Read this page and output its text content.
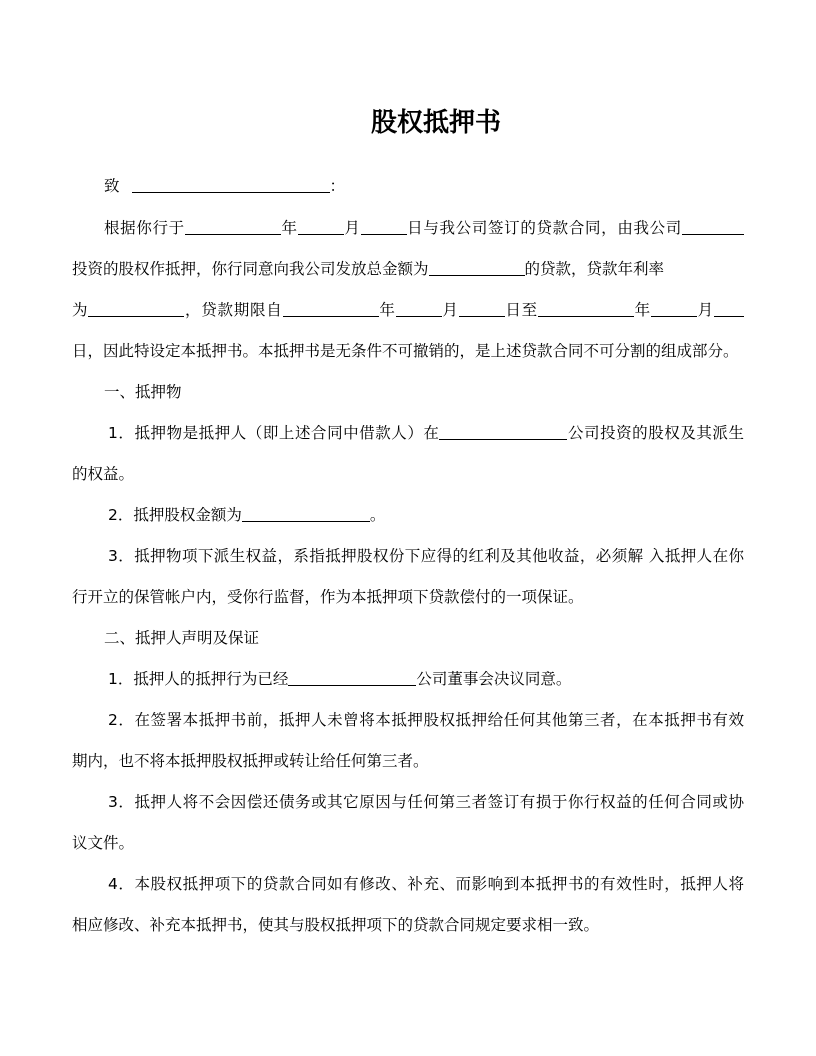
股权抵押书
致	：
根据你行于	年	月	日与我公司签订的贷款合同，由我公司
投资的股权作抵押，你行同意向我公司发放总金额为	的贷款，贷款年利率
为	，贷款期限自	年	月	日至	年	月
日，因此特设定本抵押书。本抵押书是无条件不可撤销的，是上述贷款合同不可分割的组成部分。
一、抵押物
1．抵押物是抵押人（即上述合同中借款人）在	公司投资的股权及其派生
的权益。
2．抵押股权金额为	。
3．抵押物项下派生权益，系指抵押股权份下应得的红利及其他收益，必须解 入抵押人在你
行开立的保管帐户内，受你行监督，作为本抵押项下贷款偿付的一项保证。
二、抵押人声明及保证
1．抵押人的抵押行为已经	公司董事会决议同意。
2．在签署本抵押书前，抵押人未曾将本抵押股权抵押给任何其他第三者，在本抵押书有效
期内，也不将本抵押股权抵押或转让给任何第三者。
3．抵押人将不会因偿还债务或其它原因与任何第三者签订有损于你行权益的任何合同或协
议文件。
4．本股权抵押项下的贷款合同如有修改、补充、而影响到本抵押书的有效性时，抵押人将
相应修改、补充本抵押书，使其与股权抵押项下的贷款合同规定要求相一致。
